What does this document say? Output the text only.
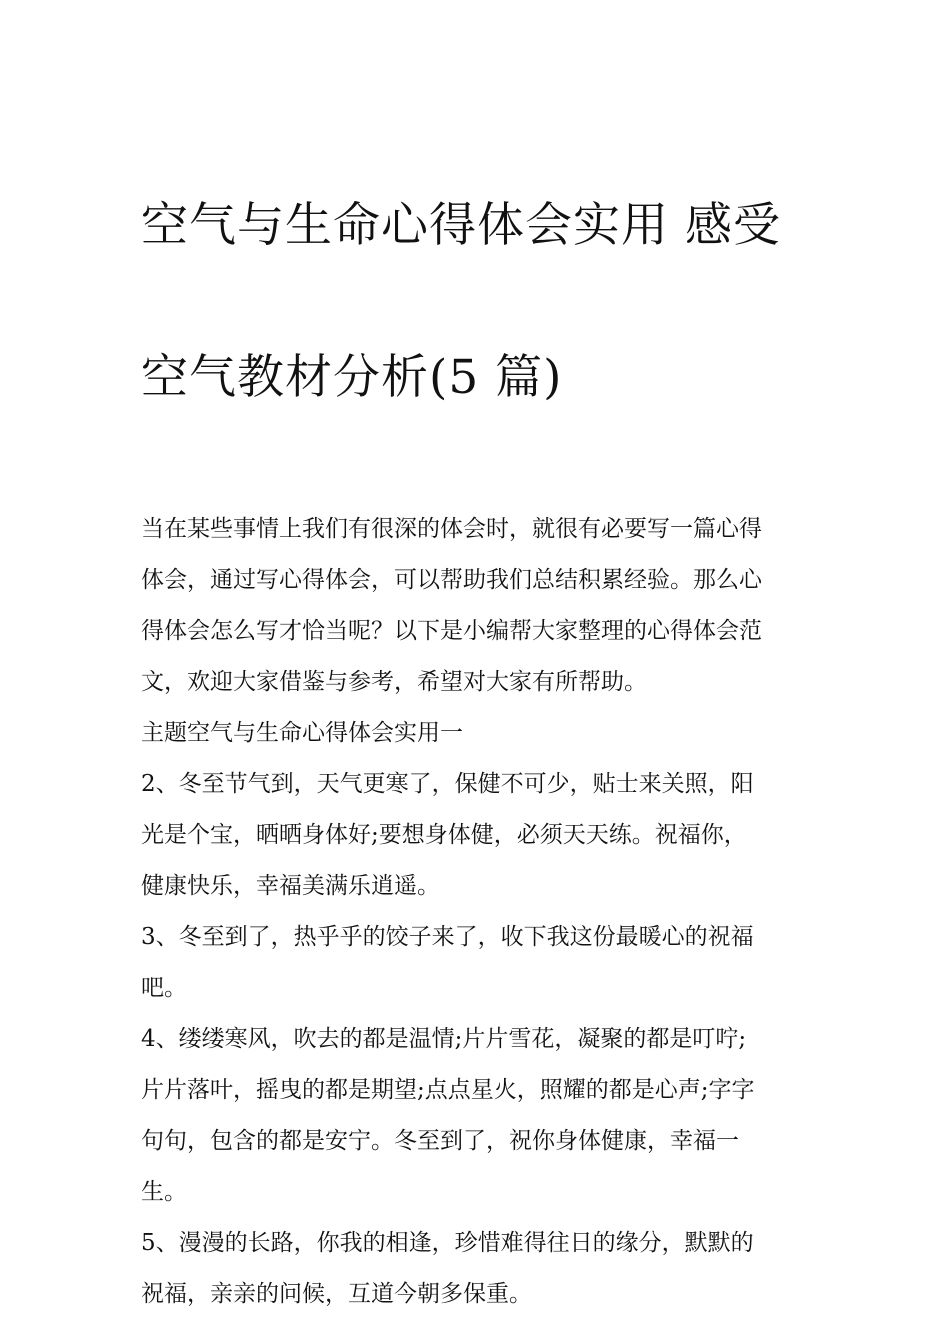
空气与生命心得体会实用 感受

空气教材分析(5 篇)

当在某些事情上我们有很深的体会时，就很有必要写一篇心得
体会，通过写心得体会，可以帮助我们总结积累经验。那么心
得体会怎么写才恰当呢？以下是小编帮大家整理的心得体会范
文，欢迎大家借鉴与参考，希望对大家有所帮助。

主题空气与生命心得体会实用一

2、冬至节气到，天气更寒了，保健不可少，贴士来关照，阳
光是个宝，晒晒身体好;要想身体健，必须天天练。祝福你，
健康快乐，幸福美满乐逍遥。

3、冬至到了，热乎乎的饺子来了，收下我这份最暖心的祝福
吧。

4、缕缕寒风，吹去的都是温情;片片雪花，凝聚的都是叮咛;
片片落叶，摇曳的都是期望;点点星火，照耀的都是心声;字字
句句，包含的都是安宁。冬至到了，祝你身体健康，幸福一
生。

5、漫漫的长路，你我的相逢，珍惜难得往日的缘分，默默的
祝福，亲亲的问候，互道今朝多保重。
